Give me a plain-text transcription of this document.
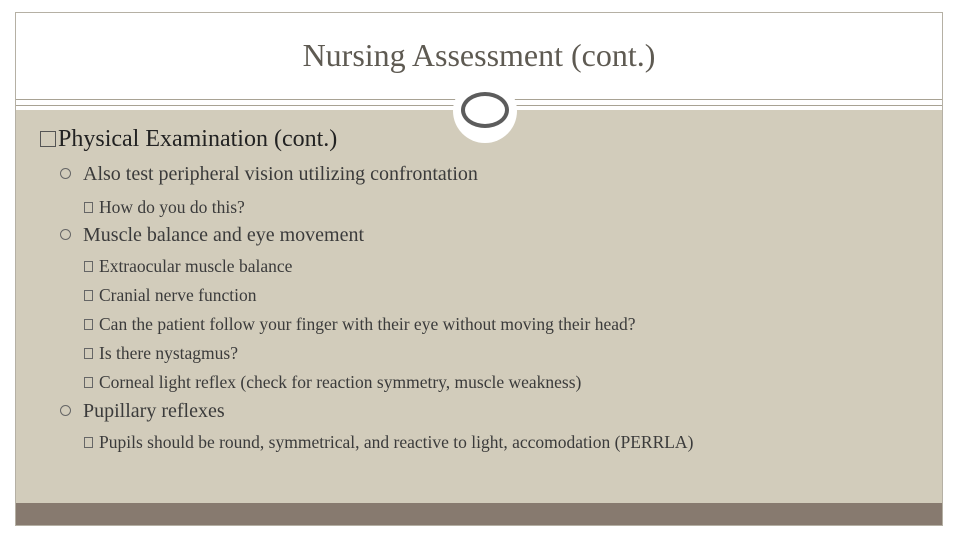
Nursing Assessment (cont.)
Physical Examination (cont.)
Also test peripheral vision utilizing confrontation
How do you do this?
Muscle balance and eye movement
Extraocular muscle balance
Cranial nerve function
Can the patient follow your finger with their eye without moving their head?
Is there nystagmus?
Corneal light reflex (check for reaction symmetry, muscle weakness)
Pupillary reflexes
Pupils should be round, symmetrical, and reactive to light, accomodation (PERRLA)
